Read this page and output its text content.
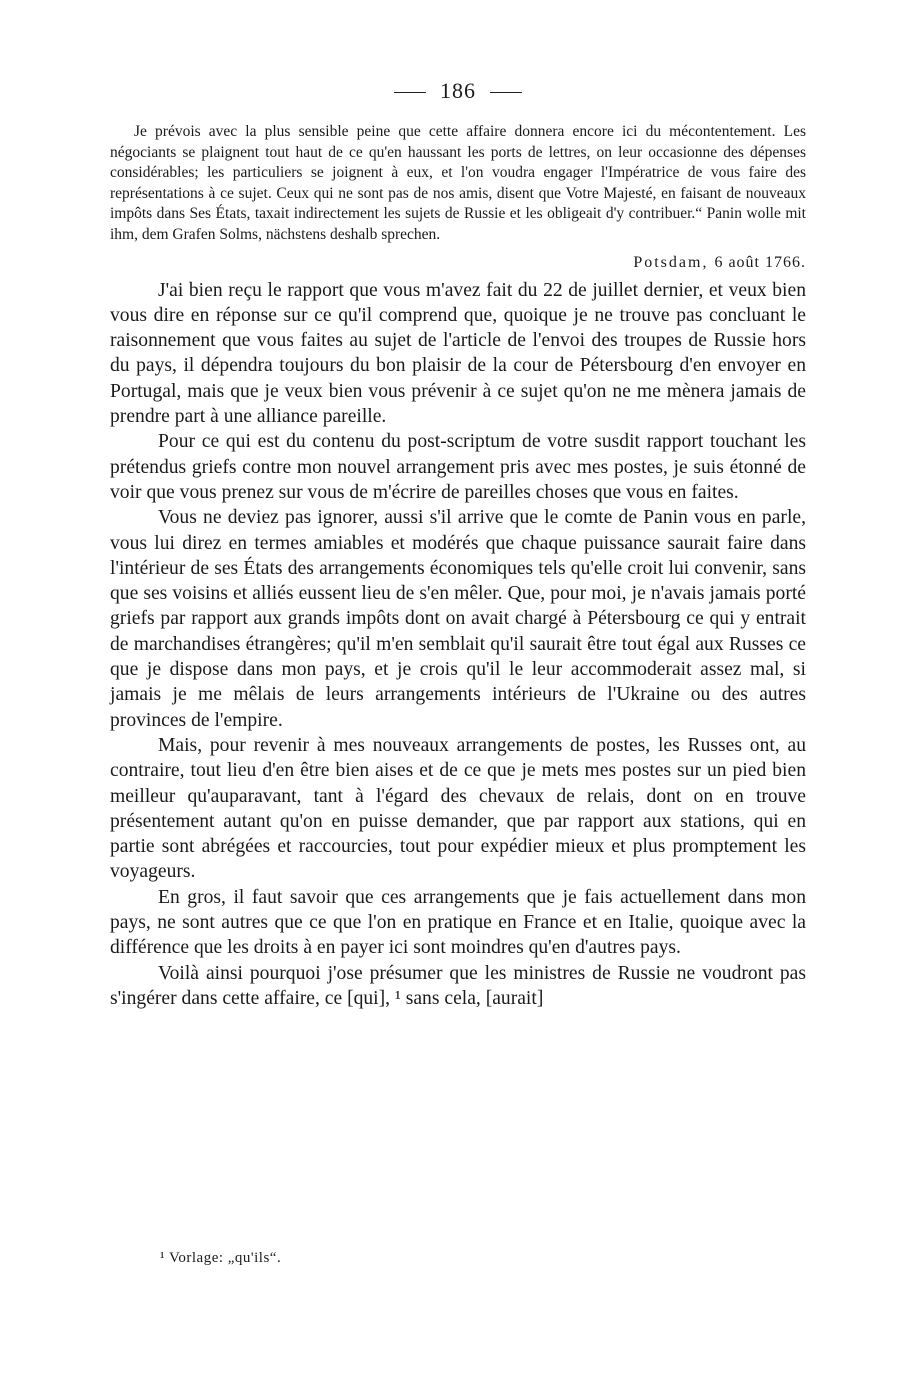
186

Je prévois avec la plus sensible peine que cette affaire donnera encore ici du mécontentement. Les négociants se plaignent tout haut de ce qu'en haussant les ports de lettres, on leur occasionne des dépenses considérables; les particuliers se joignent à eux, et l'on voudra engager l'Impératrice de vous faire des représentations à ce sujet. Ceux qui ne sont pas de nos amis, disent que Votre Majesté, en faisant de nouveaux impôts dans Ses États, taxait indirectement les sujets de Russie et les obligeait d'y contribuer.“ Panin wolle mit ihm, dem Grafen Solms, nächstens deshalb sprechen.

Potsdam, 6 août 1766.

J'ai bien reçu le rapport que vous m'avez fait du 22 de juillet dernier, et veux bien vous dire en réponse sur ce qu'il comprend que, quoique je ne trouve pas concluant le raisonnement que vous faites au sujet de l'article de l'envoi des troupes de Russie hors du pays, il dépendra toujours du bon plaisir de la cour de Pétersbourg d'en envoyer en Portugal, mais que je veux bien vous prévenir à ce sujet qu'on ne me mènera jamais de prendre part à une alliance pareille.

Pour ce qui est du contenu du post-scriptum de votre susdit rapport touchant les prétendus griefs contre mon nouvel arrangement pris avec mes postes, je suis étonné de voir que vous prenez sur vous de m'écrire de pareilles choses que vous en faites.

Vous ne deviez pas ignorer, aussi s'il arrive que le comte de Panin vous en parle, vous lui direz en termes amiables et modérés que chaque puissance saurait faire dans l'intérieur de ses États des arrangements économiques tels qu'elle croit lui convenir, sans que ses voisins et alliés eussent lieu de s'en mêler. Que, pour moi, je n'avais jamais porté griefs par rapport aux grands impôts dont on avait chargé à Pétersbourg ce qui y entrait de marchandises étrangères; qu'il m'en semblait qu'il saurait être tout égal aux Russes ce que je dispose dans mon pays, et je crois qu'il le leur accommoderait assez mal, si jamais je me mêlais de leurs arrangements intérieurs de l'Ukraine ou des autres provinces de l'empire.

Mais, pour revenir à mes nouveaux arrangements de postes, les Russes ont, au contraire, tout lieu d'en être bien aises et de ce que je mets mes postes sur un pied bien meilleur qu'auparavant, tant à l'égard des chevaux de relais, dont on en trouve présentement autant qu'on en puisse demander, que par rapport aux stations, qui en partie sont abrégées et raccourcies, tout pour expédier mieux et plus promptement les voyageurs.

En gros, il faut savoir que ces arrangements que je fais actuellement dans mon pays, ne sont autres que ce que l'on en pratique en France et en Italie, quoique avec la différence que les droits à en payer ici sont moindres qu'en d'autres pays.

Voilà ainsi pourquoi j'ose présumer que les ministres de Russie ne voudront pas s'ingérer dans cette affaire, ce [qui], ¹ sans cela, [aurait]

¹ Vorlage: „qu'ils“.
